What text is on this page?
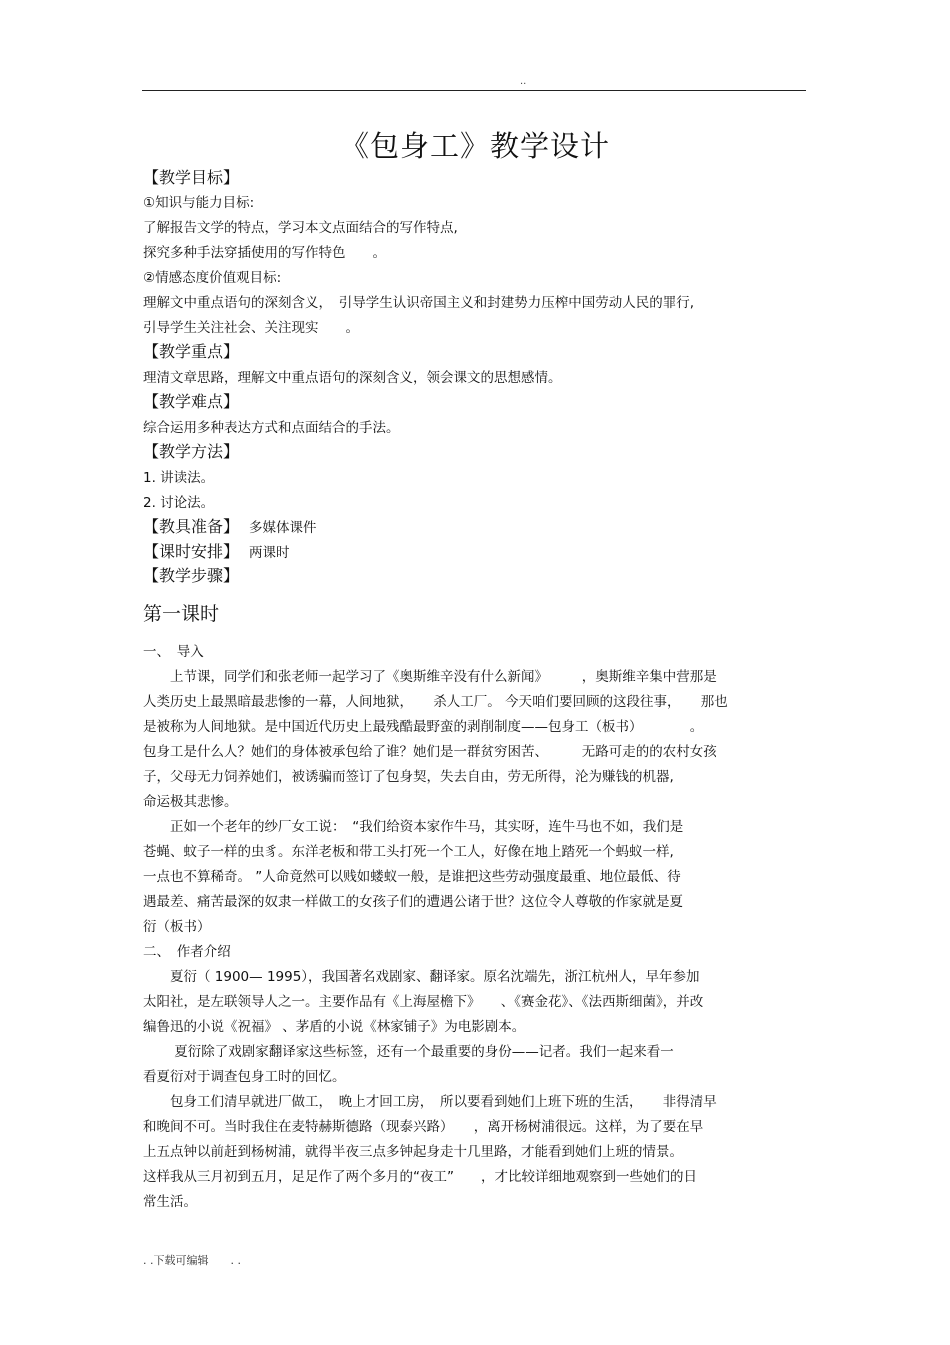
..
《包身工》教学设计
【教学目标】
①知识与能力目标:
了解报告文学的特点，学习本文点面结合的写作特点,
探究多种手法穿插使用的写作特色　　。
②情感态度价值观目标:
理解文中重点语句的深刻含义，　引导学生认识帝国主义和封建势力压榨中国劳动人民的罪行,
引导学生关注社会、关注现实　　。
【教学重点】
理清文章思路，理解文中重点语句的深刻含义，领会课文的思想感情。
【教学难点】
综合运用多种表达方式和点面结合的手法。
【教学方法】
1. 讲读法。
2. 讨论法。
【教具准备】 多媒体课件
【课时安排】 两课时
【教学步骤】
第一课时
一、　导入
　　上节课，同学们和张老师一起学习了《奥斯维辛没有什么新闻》　　　，奥斯维辛集中营那是
人类历史上最黑暗最悲惨的一幕，人间地狱，　　杀人工厂。 今天咱们要回顾的这段往事，　　那也
是被称为人间地狱。是中国近代历史上最残酷最野蛮的剥削制度——包身工（板书）　　　　。
包身工是什么人？她们的身体被承包给了谁？她们是一群贫穷困苦、　　　无路可走的的农村女孩
子，父母无力饲养她们，被诱骗而签订了包身契，失去自由，劳无所得，沦为赚钱的机器,
命运极其悲惨。
　　正如一个老年的纱厂女工说：　“我们给资本家作牛马，其实呀，连牛马也不如，我们是
苍蝇、蚊子一样的虫豸。东洋老板和带工头打死一个工人，好像在地上踏死一个蚂蚁一样,
一点也不算稀奇。 ”人命竟然可以贱如蝼蚁一般，是谁把这些劳动强度最重、地位最低、待
遇最差、痛苦最深的奴隶一样做工的女孩子们的遭遇公诸于世？这位令人尊敬的作家就是夏
衍（板书）
二、　作者介绍
　　夏衍（ 1900— 1995），我国著名戏剧家、翻译家。原名沈端先，浙江杭州人，早年参加
太阳社，是左联领导人之一。主要作品有《上海屋檐下》　　、《赛金花》、《法西斯细菌》，并改
编鲁迅的小说《祝福》 、茅盾的小说《林家铺子》为电影剧本。
　　 夏衍除了戏剧家翻译家这些标签，还有一个最重要的身份——记者。我们一起来看一
看夏衍对于调查包身工时的回忆。
　　包身工们清早就进厂做工，　晚上才回工房，　所以要看到她们上班下班的生活，　　非得清早
和晚间不可。当时我住在麦特赫斯德路（现泰兴路）　　，离开杨树浦很远。这样，为了要在早
上五点钟以前赶到杨树浦，就得半夜三点多钟起身走十几里路，才能看到她们上班的情景。
这样我从三月初到五月，足足作了两个多月的“夜工”　　，才比较详细地观察到一些她们的日
常生活。
. .下载可编辑　　. .
